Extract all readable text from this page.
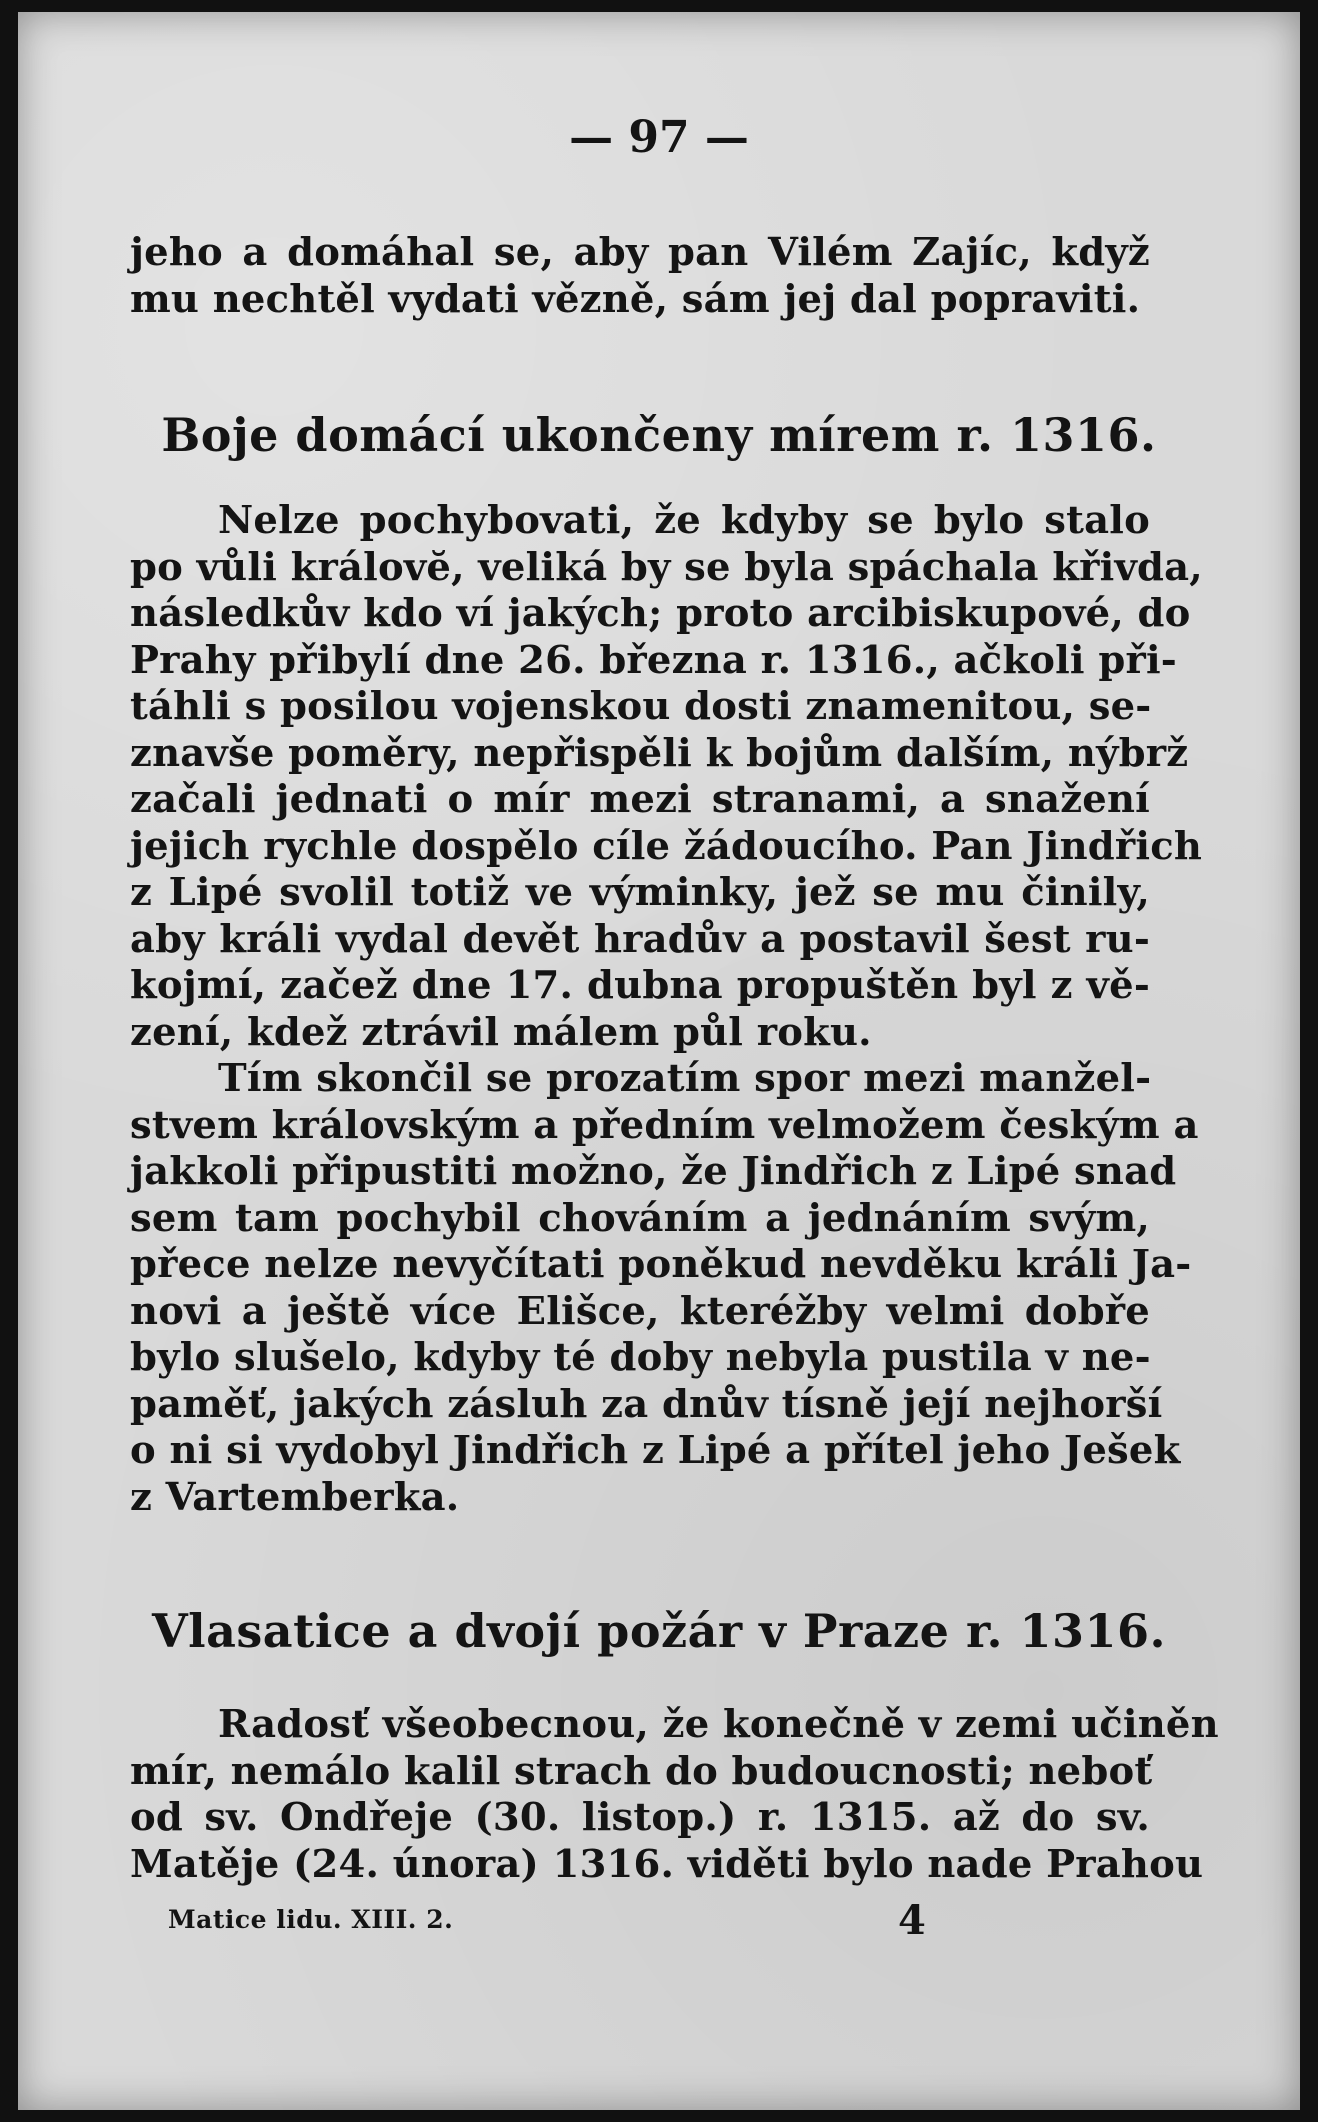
— 97 —
jeho a domáhal se, aby pan Vilém Zajíc, když
mu nechtěl vydati vězně, sám jej dal popraviti.
Boje domácí ukončeny mírem r. 1316.
Nelze pochybovati, že kdyby se bylo stalo
po vůli královĕ, veliká by se byla spáchala křivda,
následkův kdo ví jakých; proto arcibiskupové, do
Prahy přibylí dne 26. března r. 1316., ačkoli při-
táhli s posilou vojenskou dosti znamenitou, se-
znavše poměry, nepřispěli k bojům dalším, nýbrž
začali jednati o mír mezi stranami, a snažení
jejich rychle dospělo cíle žádoucího. Pan Jindřich
z Lipé svolil totiž ve výminky, jež se mu činily,
aby králi vydal devět hradův a postavil šest ru-
kojmí, začež dne 17. dubna propuštěn byl z vě-
zení, kdež ztrávil málem půl roku.
Tím skončil se prozatím spor mezi manžel-
stvem královským a předním velmožem českým a
jakkoli připustiti možno, že Jindřich z Lipé snad
sem tam pochybil chováním a jednáním svým,
přece nelze nevyčítati poněkud nevděku králi Ja-
novi a ještě více Elišce, kteréžby velmi dobře
bylo slušelo, kdyby té doby nebyla pustila v ne-
paměť, jakých zásluh za dnův tísně její nejhorší
o ni si vydobyl Jindřich z Lipé a přítel jeho Ješek
z Vartemberka.
Vlasatice a dvojí požár v Praze r. 1316.
Radosť všeobecnou, že konečně v zemi učiněn
mír, nemálo kalil strach do budoucnosti; neboť
od sv. Ondřeje (30. listop.) r. 1315. až do sv.
Matěje (24. února) 1316. viděti bylo nade Prahou
Matice lidu. XIII. 2.	4
